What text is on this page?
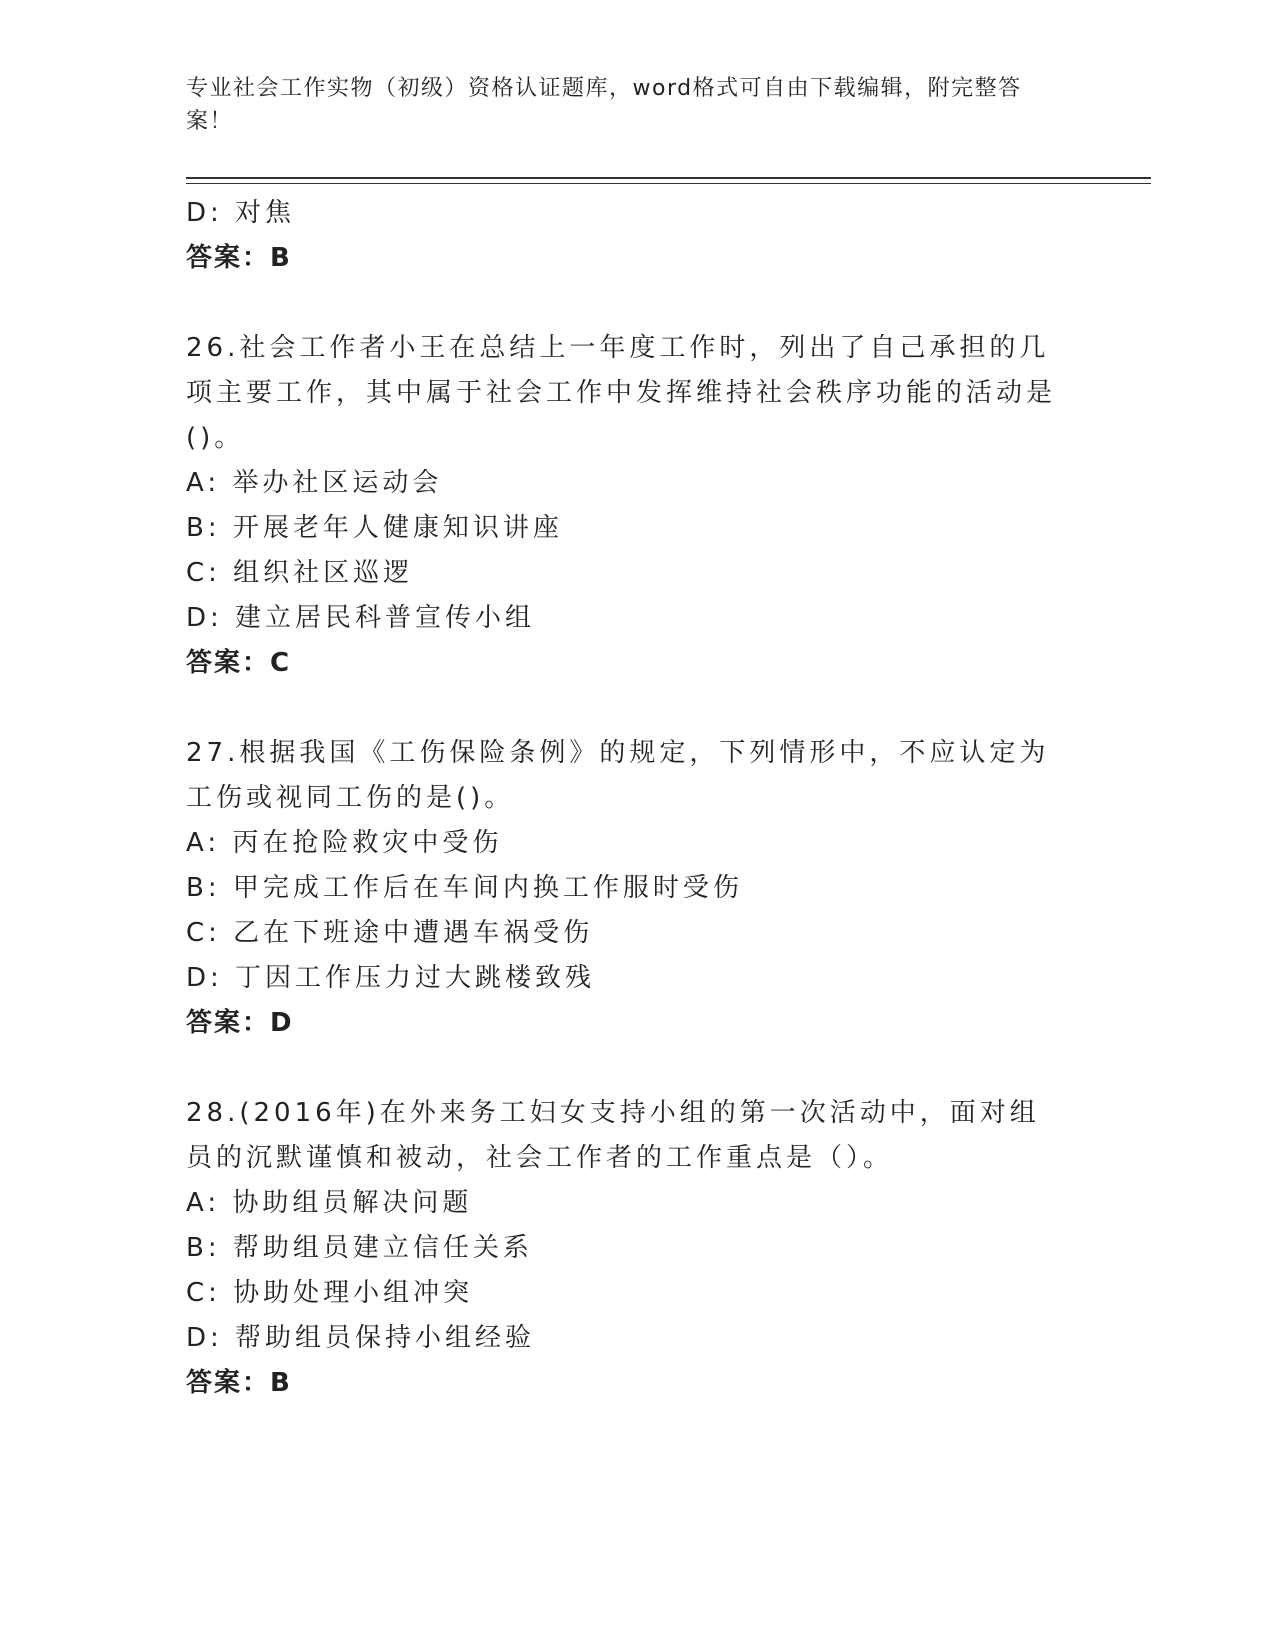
专业社会工作实物（初级）资格认证题库，word格式可自由下载编辑，附完整答案！
D: 对焦
答案：B
26.社会工作者小王在总结上一年度工作时，列出了自己承担的几项主要工作，其中属于社会工作中发挥维持社会秩序功能的活动是()。
A: 举办社区运动会
B: 开展老年人健康知识讲座
C: 组织社区巡逻
D: 建立居民科普宣传小组
答案：C
27.根据我国《工伤保险条例》的规定，下列情形中，不应认定为工伤或视同工伤的是()。
A: 丙在抢险救灾中受伤
B: 甲完成工作后在车间内换工作服时受伤
C: 乙在下班途中遭遇车祸受伤
D: 丁因工作压力过大跳楼致残
答案：D
28.(2016年)在外来务工妇女支持小组的第一次活动中，面对组员的沉默谨慎和被动，社会工作者的工作重点是（）。
A: 协助组员解决问题
B: 帮助组员建立信任关系
C: 协助处理小组冲突
D: 帮助组员保持小组经验
答案：B
